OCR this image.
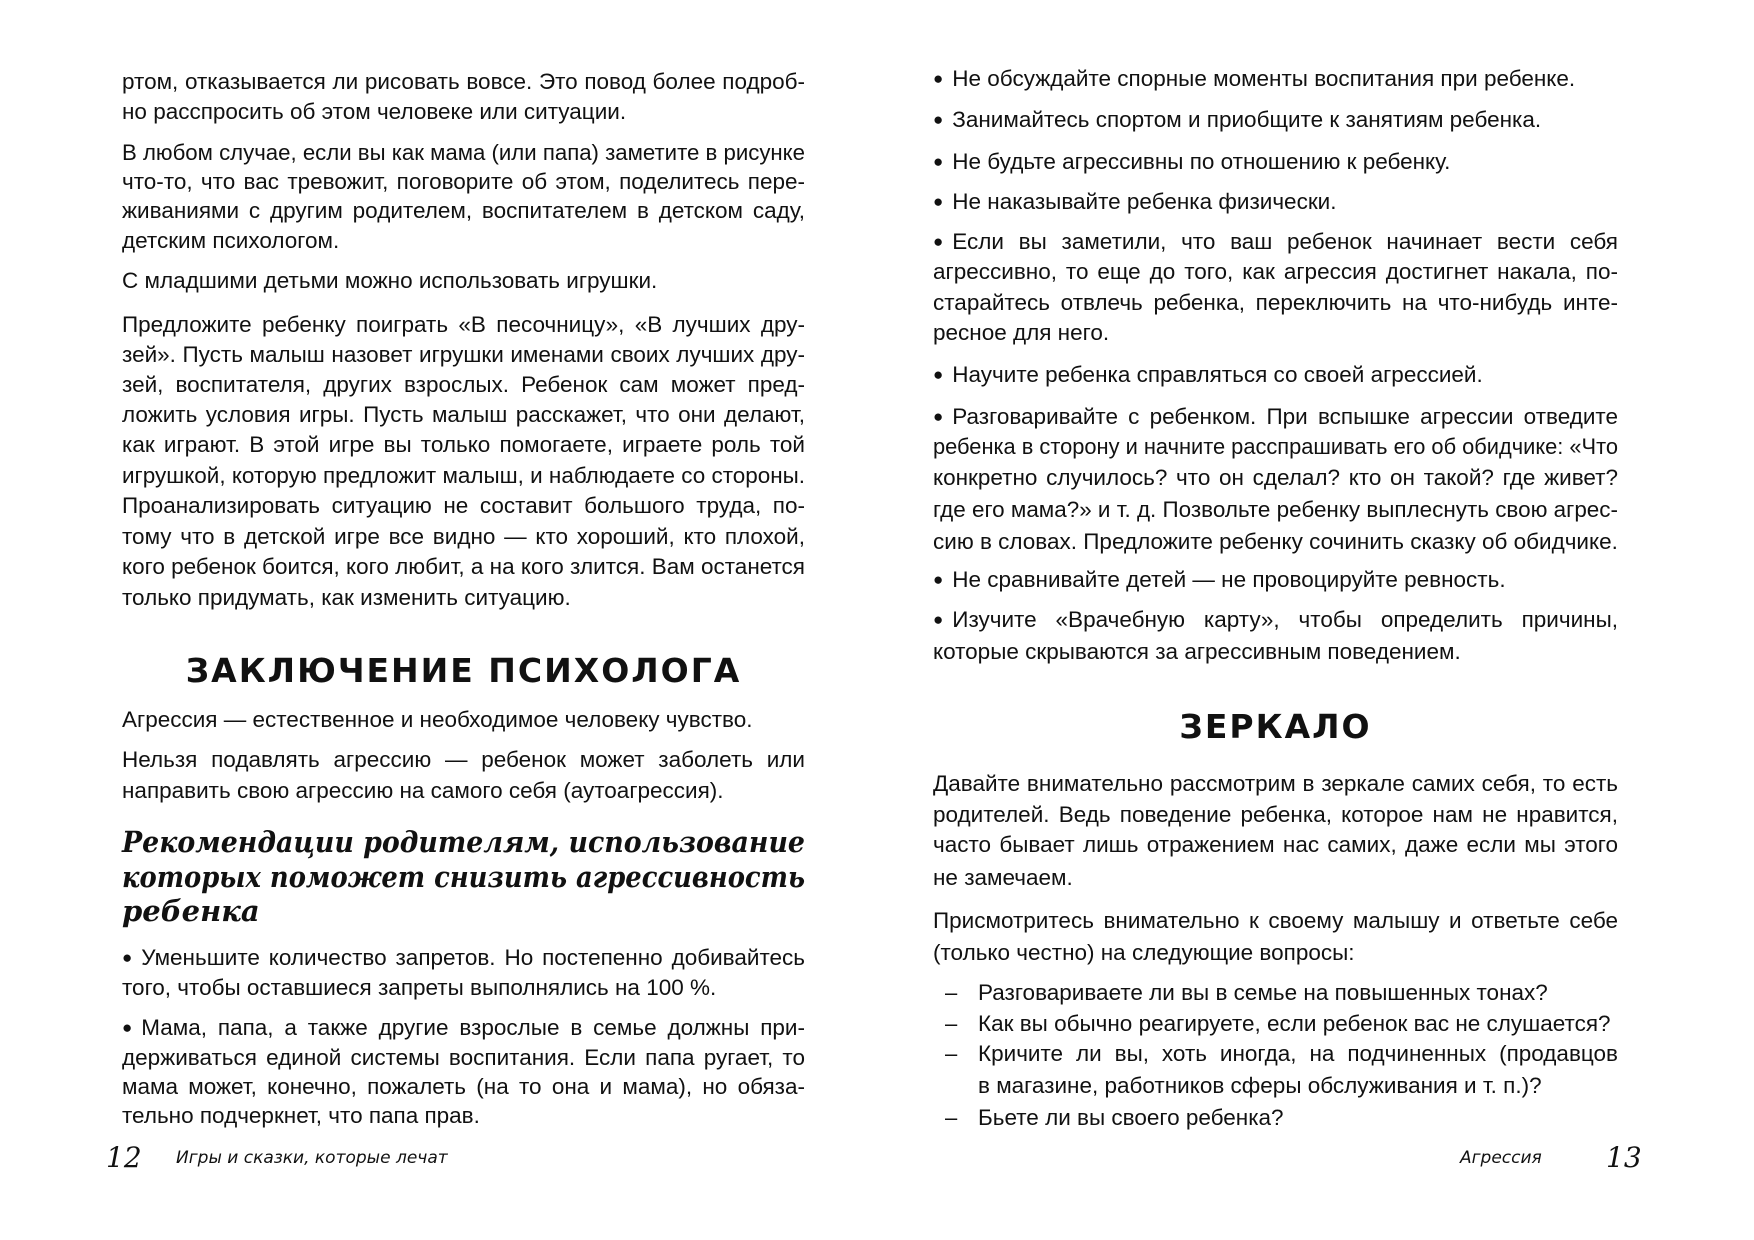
ртом, отказывается ли рисовать вовсе. Это повод более подроб-
но расспросить об этом человеке или ситуации.
В любом случае, если вы как мама (или папа) заметите в рисунке
что-то, что вас тревожит, поговорите об этом, поделитесь пере-
живаниями с другим родителем, воспитателем в детском саду,
детским психологом.
С младшими детьми можно использовать игрушки.
Предложите ребенку поиграть «В песочницу», «В лучших дру-
зей». Пусть малыш назовет игрушки именами своих лучших дру-
зей, воспитателя, других взрослых. Ребенок сам может пред-
ложить условия игры. Пусть малыш расскажет, что они делают,
как играют. В этой игре вы только помогаете, играете роль той
игрушкой, которую предложит малыш, и наблюдаете со стороны.
Проанализировать ситуацию не составит большого труда, по-
тому что в детской игре все видно — кто хороший, кто плохой,
кого ребенок боится, кого любит, а на кого злится. Вам останется
только придумать, как изменить ситуацию.
ЗАКЛЮЧЕНИЕ ПСИХОЛОГА
Агрессия — естественное и необходимое человеку чувство.
Нельзя подавлять агрессию — ребенок может заболеть или
направить свою агрессию на самого себя (аутоагрессия).
Рекомендации родителям, использование
которых поможет снизить агрессивность
ребенка
● Уменьшите количество запретов. Но постепенно добивайтесь
того, чтобы оставшиеся запреты выполнялись на 100 %.
● Мама, папа, а также другие взрослые в семье должны при-
держиваться единой системы воспитания. Если папа ругает, то
мама может, конечно, пожалеть (на то она и мама), но обяза-
тельно подчеркнет, что папа прав.
12 Игры и сказки, которые лечат
● Не обсуждайте спорные моменты воспитания при ребенке.
● Занимайтесь спортом и приобщите к занятиям ребенка.
● Не будьте агрессивны по отношению к ребенку.
● Не наказывайте ребенка физически.
● Если вы заметили, что ваш ребенок начинает вести себя
агрессивно, то еще до того, как агрессия достигнет накала, по-
старайтесь отвлечь ребенка, переключить на что-нибудь инте-
ресное для него.
● Научите ребенка справляться со своей агрессией.
● Разговаривайте с ребенком. При вспышке агрессии отведите
ребенка в сторону и начните расспрашивать его об обидчике: «Что
конкретно случилось? что он сделал? кто он такой? где живет?
где его мама?» и т. д. Позвольте ребенку выплеснуть свою агрес-
сию в словах. Предложите ребенку сочинить сказку об обидчике.
● Не сравнивайте детей — не провоцируйте ревность.
● Изучите «Врачебную карту», чтобы определить причины,
которые скрываются за агрессивным поведением.
ЗЕРКАЛО
Давайте внимательно рассмотрим в зеркале самих себя, то есть
родителей. Ведь поведение ребенка, которое нам не нравится,
часто бывает лишь отражением нас самих, даже если мы этого
не замечаем.
Присмотритесь внимательно к своему малышу и ответьте себе
(только честно) на следующие вопросы:
– Разговариваете ли вы в семье на повышенных тонах?
– Как вы обычно реагируете, если ребенок вас не слушается?
– Кричите ли вы, хоть иногда, на подчиненных (продавцов
в магазине, работников сферы обслуживания и т. п.)?
– Бьете ли вы своего ребенка?
Агрессия 13
